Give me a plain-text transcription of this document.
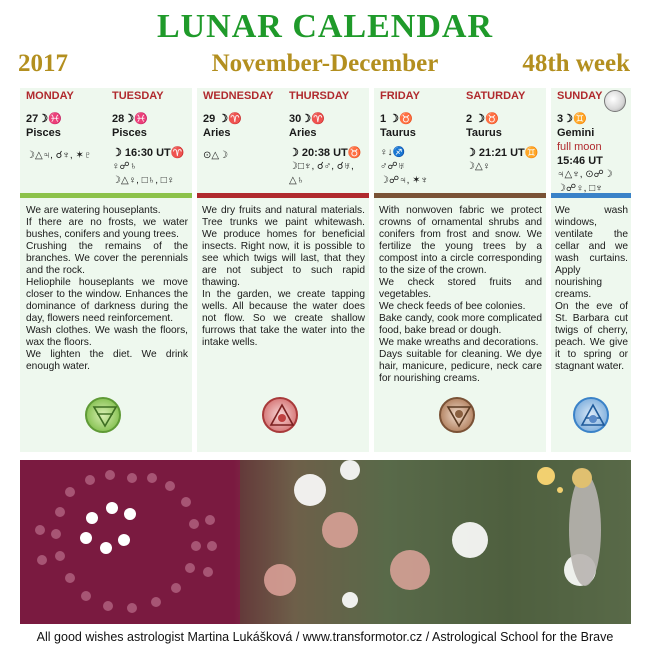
LUNAR CALENDAR
2017	November-December	48th week
MONDAY
27☽♓
Pisces
☽△♃, ☌♆, ✶♇
TUESDAY
28☽♓
Pisces
☽ 16:30 UT♈
♀☍♄
☽△♀, □♄, □♀
WEDNESDAY
29 ☽♈
Aries
⊙△☽
THURSDAY
30☽♈
Aries
☽ 20:38 UT♉
☽□♆, ☌♂, ☌♅,
△♄
FRIDAY
1 ☽♉
Taurus
♀↓♐
♂☍♅
☽☍♃, ✶♆
SATURDAY
2 ☽♉
Taurus
☽ 21:21 UT♊
☽△♀
SUNDAY
3☽♊
Gemini
full moon
15:46 UT
♃△♆, ⊙☍☽
☽☍♀, □♆

We are watering houseplants.

If there are no frosts, we water bushes, conifers and young trees.

Crushing the remains of the branches. We cover the perennials and the rock.

Heliophile houseplants we move closer to the window. Enhances the dominance of darkness during the day, flowers need reinforcement.

Wash clothes. We wash the floors, wax the floors.

We lighten the diet. We drink enough water.

We dry fruits and natural materials. Tree trunks we paint whitewash. We produce homes for beneficial insects. Right now, it is possible to see which twigs will last, that they are not subject to such rapid thawing.

In the garden, we create tapping wells. All because the water does not flow. So we create shallow furrows that take the water into the intake wells.

With nonwoven fabric we protect crowns of ornamental shrubs and conifers from frost and snow. We fertilize the young trees by a compost into a circle corresponding to the size of the crown.

We check stored fruits and vegetables.

We check feeds of bee colonies.

Bake candy, cook more complicated food, bake bread or dough.

We make wreaths and decorations.

Days suitable for cleaning. We dye hair, manicure, pedicure, neck care for nourishing creams.

We wash windows, ventilate the cellar and we wash curtains. Apply nourishing creams.

On the eve of St. Barbara cut twigs of cherry, peach. We give it to spring or stagnant water.

All good wishes astrologist Martina Lukášková / www.transformotor.cz / Astrological School for the Brave
